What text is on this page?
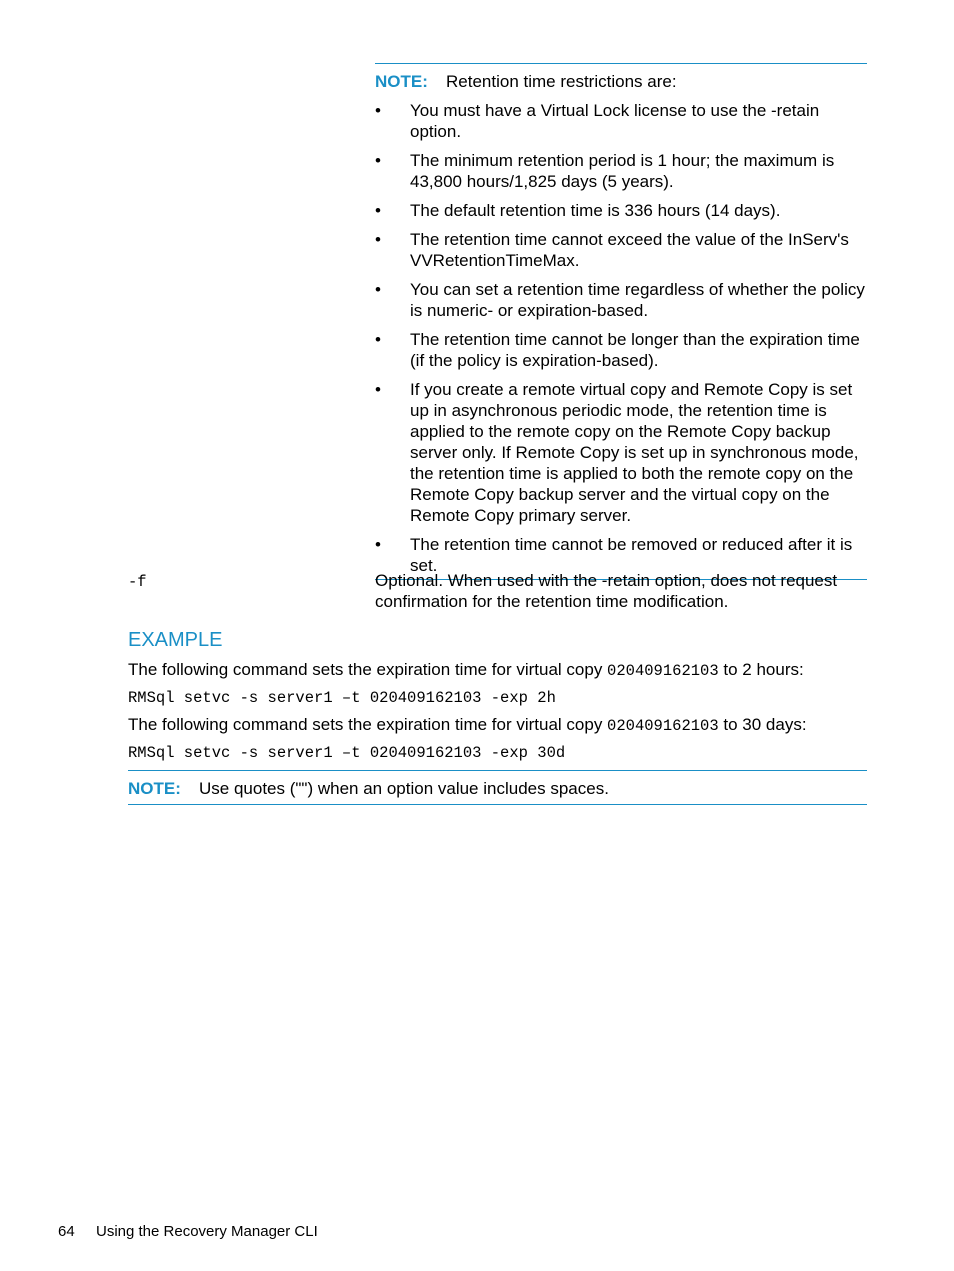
NOTE:	Retention time restrictions are:
• You must have a Virtual Lock license to use the -retain option.
• The minimum retention period is 1 hour; the maximum is 43,800 hours/1,825 days (5 years).
• The default retention time is 336 hours (14 days).
• The retention time cannot exceed the value of the InServ's VVRetentionTimeMax.
• You can set a retention time regardless of whether the policy is numeric- or expiration-based.
• The retention time cannot be longer than the expiration time (if the policy is expiration-based).
• If you create a remote virtual copy and Remote Copy is set up in asynchronous periodic mode, the retention time is applied to the remote copy on the Remote Copy backup server only. If Remote Copy is set up in synchronous mode, the retention time is applied to both the remote copy on the Remote Copy backup server and the virtual copy on the Remote Copy primary server.
• The retention time cannot be removed or reduced after it is set.
-f	Optional. When used with the -retain option, does not request confirmation for the retention time modification.
EXAMPLE
The following command sets the expiration time for virtual copy 020409162103 to 2 hours:
RMSql setvc -s server1 –t 020409162103 -exp 2h
The following command sets the expiration time for virtual copy 020409162103 to 30 days:
RMSql setvc -s server1 –t 020409162103 -exp 30d
NOTE:	Use quotes ("") when an option value includes spaces.
64 Using the Recovery Manager CLI
